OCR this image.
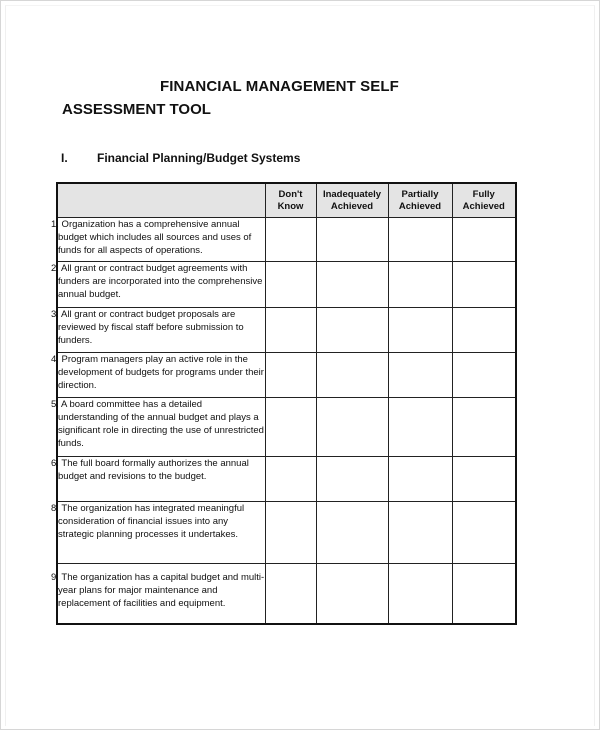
FINANCIAL MANAGEMENT SELF
ASSESSMENT TOOL
I. Financial Planning/Budget Systems
	Don't Know	Inadequately Achieved	Partially Achieved	Fully Achieved
1. Organization has a comprehensive annual budget which includes all sources and uses of funds for all aspects of operations.				
2. All grant or contract budget agreements with funders are incorporated into the comprehensive annual budget.				
3. All grant or contract budget proposals are reviewed by fiscal staff before submission to funders.				
4. Program managers play an active role in the development of budgets for programs under their direction.				
5. A board committee has a detailed understanding of the annual budget and plays a significant role in directing the use of unrestricted funds.				
6. The full board formally authorizes the annual budget and revisions to the budget.				
8. The organization has integrated meaningful consideration of financial issues into any strategic planning processes it undertakes.				
9. The organization has a capital budget and multi-year plans for major maintenance and replacement of facilities and equipment.				
